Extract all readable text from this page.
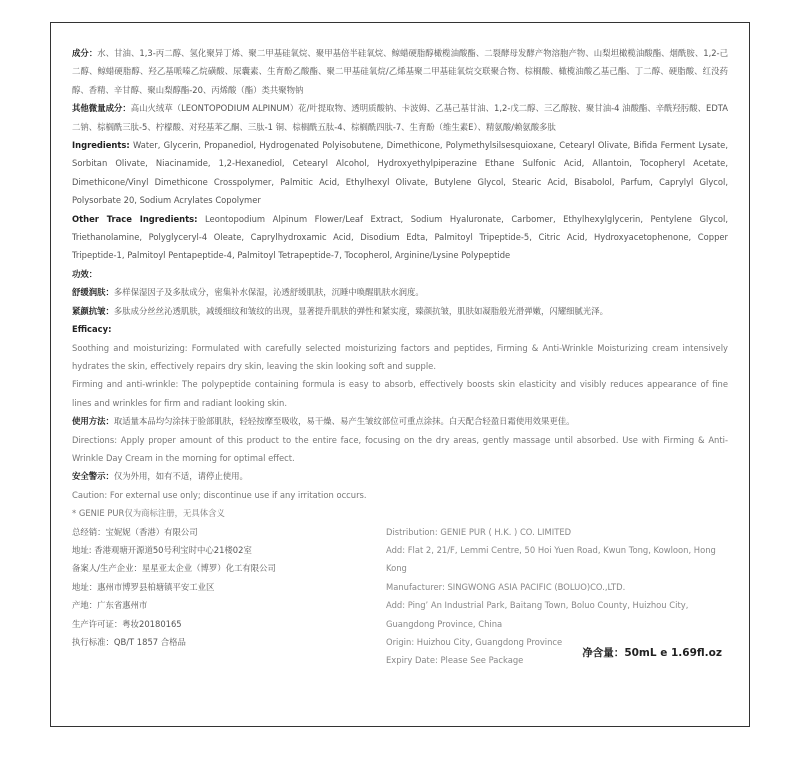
成分：水、甘油、1,3-丙二醇、氢化聚异丁烯、聚二甲基硅氧烷、聚甲基倍半硅氧烷、鲸蜡硬脂醇橄榄油酸酯、二裂酵母发酵产物溶胞产物、山梨坦橄榄油酸酯、烟酰胺、1,2-己二醇、鲸蜡硬脂醇、羟乙基哌嗪乙烷磺酸、尿囊素、生育酚乙酸酯、聚二甲基硅氧烷/乙烯基聚二甲基硅氧烷交联聚合物、棕榈酸、橄榄油酸乙基己酯、丁二醇、硬脂酸、红没药醇、香精、辛甘醇、聚山梨醇酯-20、丙烯酸（酯）类共聚物钠

其他微量成分：高山火绒草（LEONTOPODIUM ALPINUM）花/叶提取物、透明质酸钠、卡波姆、乙基己基甘油、1,2-戊二醇、三乙醇胺、聚甘油-4 油酸酯、辛酰羟肟酸、EDTA 二钠、棕榈酰三肽-5、柠檬酸、对羟基苯乙酮、三肽-1 铜、棕榈酰五肽-4、棕榈酰四肽-7、生育酚（维生素E）、精氨酸/赖氨酸多肽

Ingredients: Water, Glycerin, Propanediol, Hydrogenated Polyisobutene, Dimethicone, Polymethylsilsesquioxane, Cetearyl Olivate, Bifida Ferment Lysate, Sorbitan Olivate, Niacinamide, 1,2-Hexanediol, Cetearyl Alcohol, Hydroxyethylpiperazine Ethane Sulfonic Acid, Allantoin, Tocopheryl Acetate, Dimethicone/Vinyl Dimethicone Crosspolymer, Palmitic Acid, Ethylhexyl Olivate, Butylene Glycol, Stearic Acid, Bisabolol, Parfum, Caprylyl Glycol, Polysorbate 20, Sodium Acrylates Copolymer

Other Trace Ingredients: Leontopodium Alpinum Flower/Leaf Extract, Sodium Hyaluronate, Carbomer, Ethylhexylglycerin, Pentylene Glycol, Triethanolamine, Polyglyceryl-4 Oleate, Caprylhydroxamic Acid, Disodium Edta, Palmitoyl Tripeptide-5, Citric Acid, Hydroxyacetophenone, Copper Tripeptide-1, Palmitoyl Pentapeptide-4, Palmitoyl Tetrapeptide-7, Tocopherol, Arginine/Lysine Polypeptide

功效：

舒缓润肤：多样保湿因子及多肽成分，密集补水保湿，沁透舒缓肌肤，沉睡中唤醒肌肤水润度。

紧颜抗皱：多肽成分丝丝沁透肌肤，减缓细纹和皱纹的出现，显著提升肌肤的弹性和紧实度，臻颜抗皱，肌肤如凝脂般光滑弹嫩，闪耀细腻光泽。

Efficacy:

Soothing and moisturizing: Formulated with carefully selected moisturizing factors and peptides, Firming & Anti-Wrinkle Moisturizing cream intensively hydrates the skin, effectively repairs dry skin, leaving the skin looking soft and supple.

Firming and anti-wrinkle: The polypeptide containing formula is easy to absorb, effectively boosts skin elasticity and visibly reduces appearance of fine lines and wrinkles for firm and radiant looking skin.

使用方法：取适量本品均匀涂抹于脸部肌肤，轻轻按摩至吸收，易干燥、易产生皱纹部位可重点涂抹。白天配合轻盈日霜使用效果更佳。

Directions: Apply proper amount of this product to the entire face, focusing on the dry areas, gently massage until absorbed. Use with Firming & Anti-Wrinkle Day Cream in the morning for optimal effect.

安全警示：仅为外用，如有不适，请停止使用。

Caution: For external use only; discontinue use if any irritation occurs.

* GENIE PUR仅为商标注册，无具体含义

总经销：宝妮妮（香港）有限公司

地址: 香港观塘开源道50号利宝时中心21楼02室

备案人/生产企业：星星亚太企业（博罗）化工有限公司

地址：惠州市博罗县柏塘镇平安工业区

产地：广东省惠州市

生产许可证：粤妆20180165

执行标准：QB/T 1857 合格品

Distribution: GENIE PUR ( H.K. ) CO. LIMITED

Add: Flat 2, 21/F, Lemmi Centre, 50 Hoi Yuen Road, Kwun Tong, Kowloon, Hong Kong

Manufacturer: SINGWONG ASIA PACIFIC (BOLUO)CO.,LTD.

Add: Ping’ An Industrial Park, Baitang Town, Boluo County, Huizhou City, Guangdong Province, China

Origin: Huizhou City, Guangdong Province

Expiry Date: Please See Package

净含量：50mL e 1.69fl.oz
